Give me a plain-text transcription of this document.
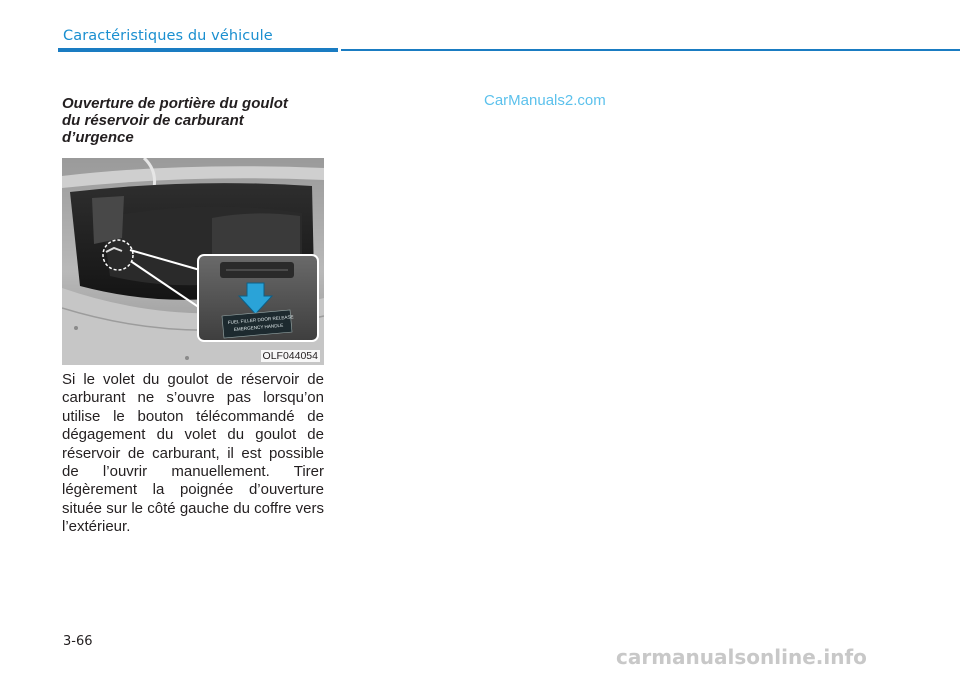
Caractéristiques du véhicule
CarManuals2.com
Ouverture de portière du goulot
du réservoir de carburant
d’urgence
FUEL FILLER DOOR RELEASE
EMERGENCY HANDLE
OLF044054

Si le volet du goulot de réservoir de carburant ne s’ouvre pas lorsqu’on utilise le bouton télécommandé de dégagement du volet du goulot de réservoir de carburant, il est possible de l’ouvrir manuellement. Tirer légèrement la poignée d’ouverture située sur le côté gauche du coffre vers l’extérieur.

3-66
carmanualsonline.info
